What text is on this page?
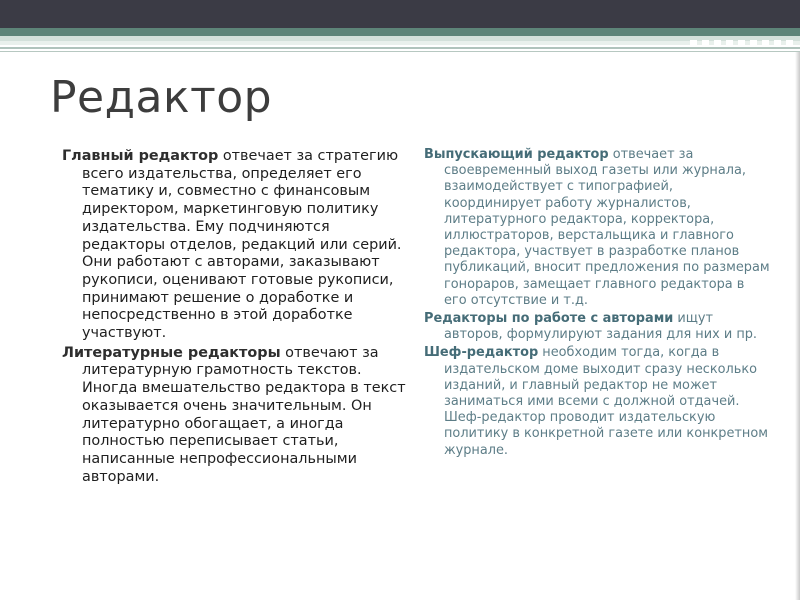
Редактор

Главный редактор отвечает за стратегию всего издательства, определяет его тематику и, совместно с финансовым директором, маркетинговую политику издательства. Ему подчиняются редакторы отделов, редакций или серий. Они работают с авторами, заказывают рукописи, оценивают готовые рукописи, принимают решение о доработке и непосредственно в этой доработке участвуют.

Литературные редакторы отвечают за литературную грамотность текстов. Иногда вмешательство редактора в текст оказывается очень значительным. Он литературно обогащает, а иногда полностью переписывает статьи, написанные непрофессиональными авторами.

Выпускающий редактор отвечает за своевременный выход газеты или журнала, взаимодействует с типографией, координирует работу журналистов, литературного редактора, корректора, иллюстраторов, верстальщика и главного редактора, участвует в разработке планов публикаций, вносит предложения по размерам гонораров, замещает главного редактора в его отсутствие и т.д.

Редакторы по работе с авторами ищут авторов, формулируют задания для них и пр.

Шеф-редактор необходим тогда, когда в издательском доме выходит сразу несколько изданий, и главный редактор не может заниматься ими всеми с должной отдачей. Шеф-редактор проводит издательскую политику в конкретной газете или конкретном журнале.
